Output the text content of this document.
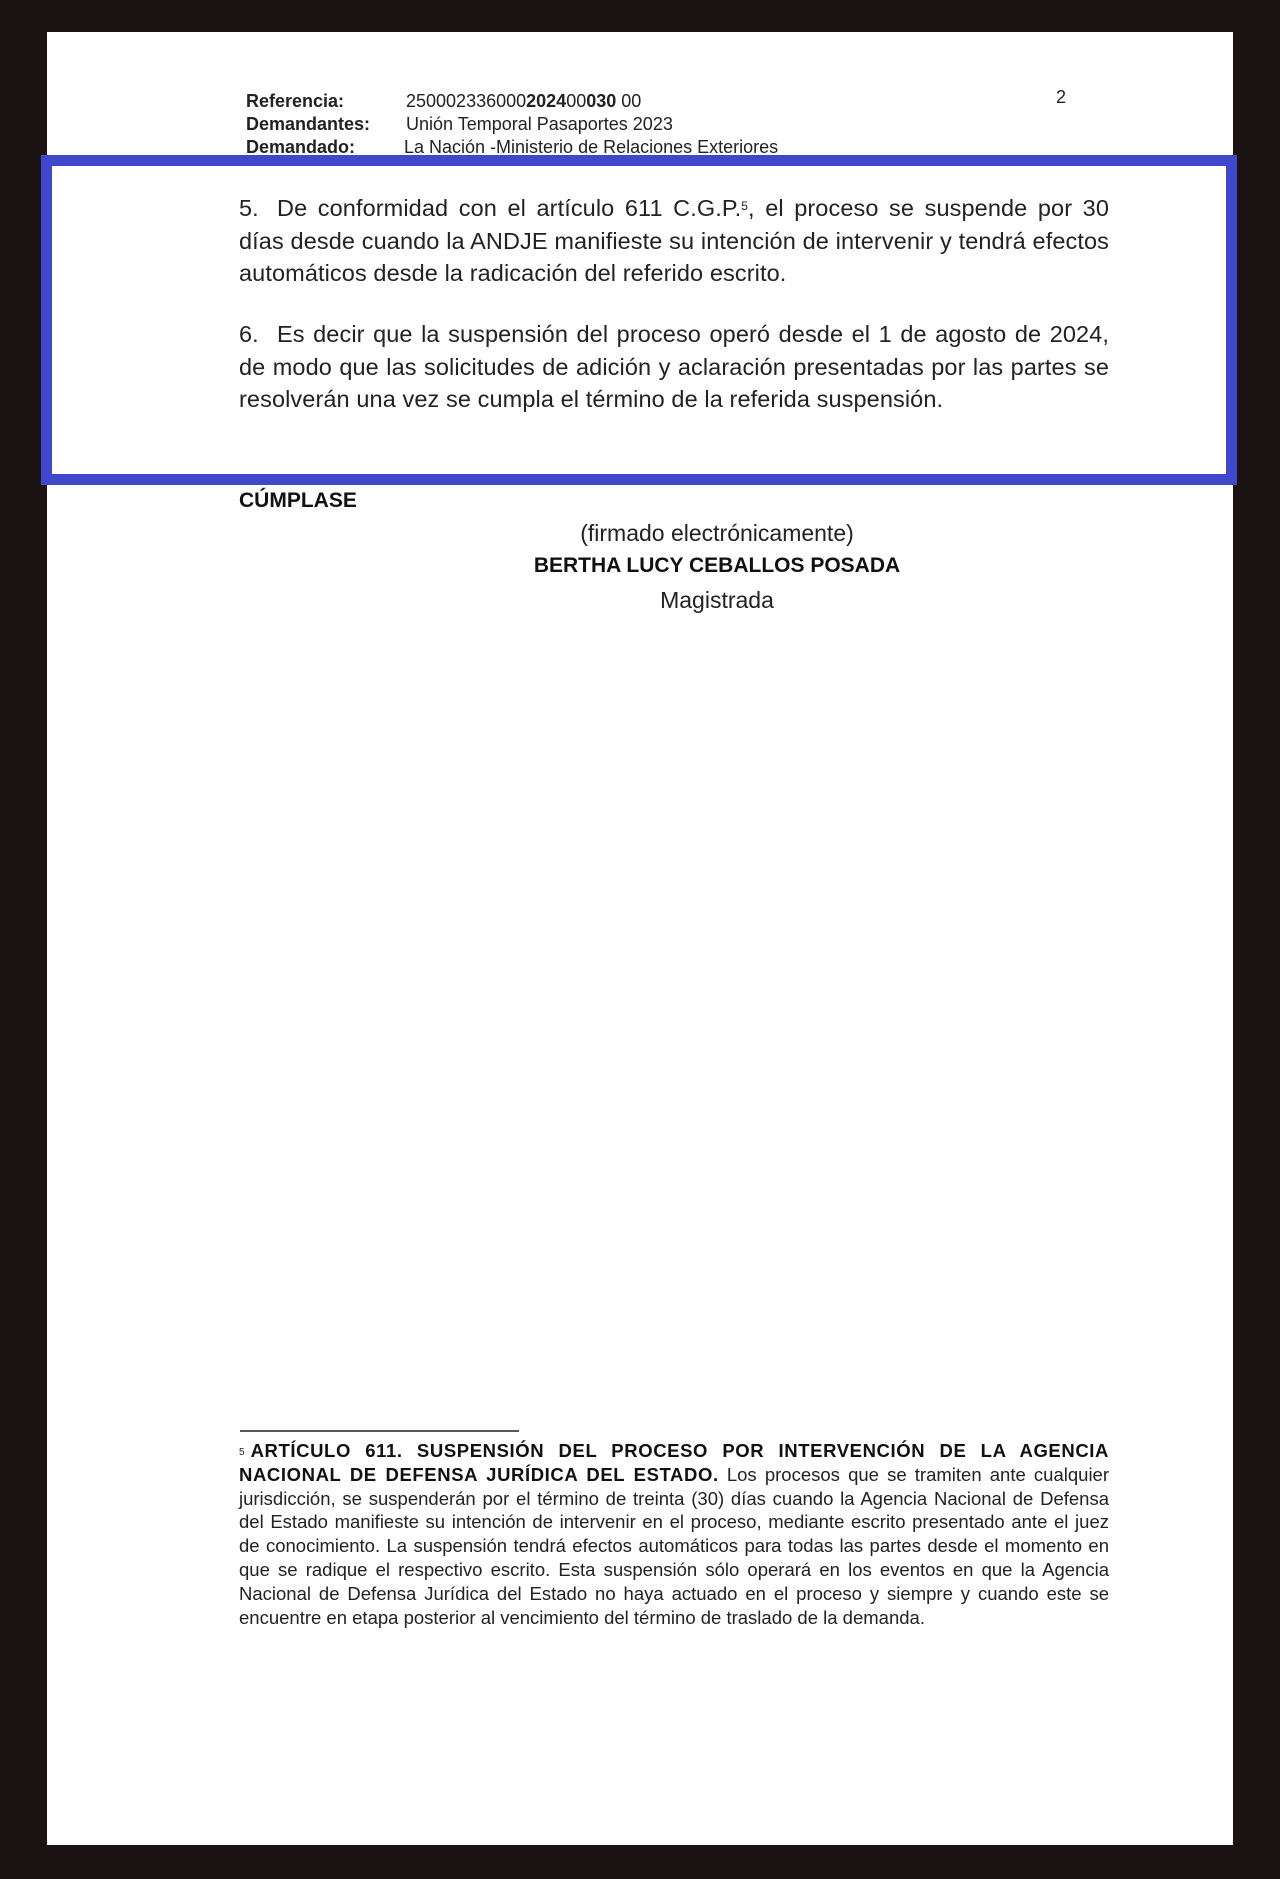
Referencia:	250002336000202400030 00
Demandantes: Unión Temporal Pasaportes 2023
Demandado:	La Nación -Ministerio de Relaciones Exteriores
2
5. De conformidad con el artículo 611 C.G.P.$^5$, el proceso se suspende por 30 días desde cuando la ANDJE manifieste su intención de intervenir y tendrá efectos automáticos desde la radicación del referido escrito.
6. Es decir que la suspensión del proceso operó desde el 1 de agosto de 2024, de modo que las solicitudes de adición y aclaración presentadas por las partes se resolverán una vez se cumpla el término de la referida suspensión.
CÚMPLASE
(firmado electrónicamente)
BERTHA LUCY CEBALLOS POSADA
Magistrada
$^5$ ARTÍCULO 611. SUSPENSIÓN DEL PROCESO POR INTERVENCIÓN DE LA AGENCIA NACIONAL DE DEFENSA JURÍDICA DEL ESTADO. Los procesos que se tramiten ante cualquier jurisdicción, se suspenderán por el término de treinta (30) días cuando la Agencia Nacional de Defensa del Estado manifieste su intención de intervenir en el proceso, mediante escrito presentado ante el juez de conocimiento. La suspensión tendrá efectos automáticos para todas las partes desde el momento en que se radique el respectivo escrito. Esta suspensión sólo operará en los eventos en que la Agencia Nacional de Defensa Jurídica del Estado no haya actuado en el proceso y siempre y cuando este se encuentre en etapa posterior al vencimiento del término de traslado de la demanda.
